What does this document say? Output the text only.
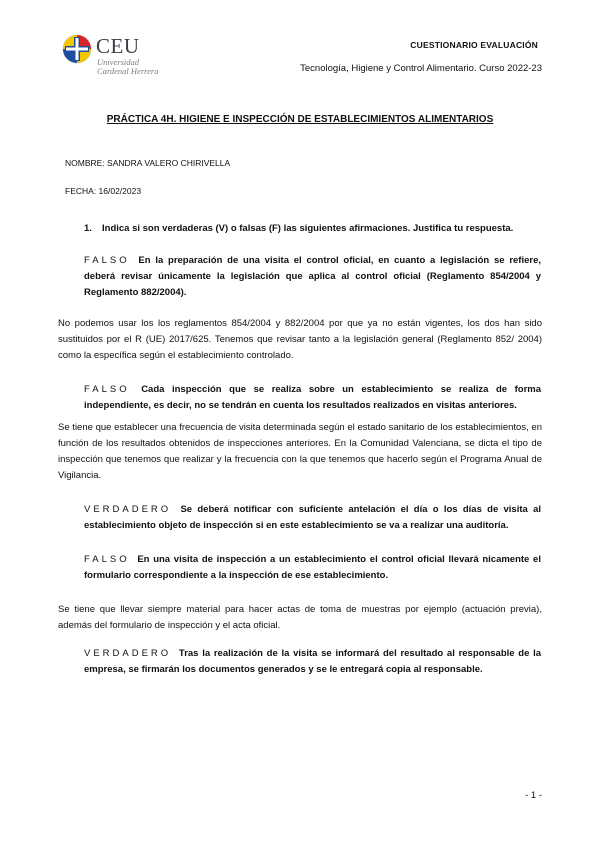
CEU
Universidad
Cardenal Herrera
CUESTIONARIO EVALUACIÓN
Tecnología, Higiene y Control Alimentario. Curso 2022-23
PRÁCTICA 4H. HIGIENE E INSPECCIÓN DE ESTABLECIMIENTOS ALIMENTARIOS
NOMBRE: SANDRA VALERO CHIRIVELLA
FECHA: 16/02/2023
1. Indica si son verdaderas (V) o falsas (F) las siguientes afirmaciones. Justifica tu respuesta.
FALSO En la preparación de una visita el control oficial, en cuanto a legislación se refiere, deberá revisar únicamente la legislación que aplica al control oficial (Reglamento 854/2004 y Reglamento 882/2004).
No podemos usar los los reglamentos 854/2004 y 882/2004 por que ya no están vigentes, los dos han sido sustituidos por el R (UE) 2017/625. Tenemos que revisar tanto a la legislación general (Reglamento 852/ 2004) como la específica según el establecimiento controlado.
FALSO Cada inspección que se realiza sobre un establecimiento se realiza de forma independiente, es decir, no se tendrán en cuenta los resultados realizados en visitas anteriores.
Se tiene que establecer una frecuencia de visita determinada según el estado sanitario de los establecimientos, en función de los resultados obtenidos de inspecciones anteriores. En la Comunidad Valenciana, se dicta el tipo de inspección que tenemos que realizar y la frecuencia con la que tenemos que hacerlo según el Programa Anual de Vigilancia.
VERDADERO Se deberá notificar con suficiente antelación el día o los días de visita al establecimiento objeto de inspección si en este establecimiento se va a realizar una auditoría.
FALSO En una visita de inspección a un establecimiento el control oficial llevará nicamente el formulario correspondiente a la inspección de ese establecimiento.
Se tiene que llevar siempre material para hacer actas de toma de muestras por ejemplo (actuación previa), además del formulario de inspección y el acta oficial.
VERDADERO Tras la realización de la visita se informará del resultado al responsable de la empresa, se firmarán los documentos generados y se le entregará copia al responsable.
- 1 -
